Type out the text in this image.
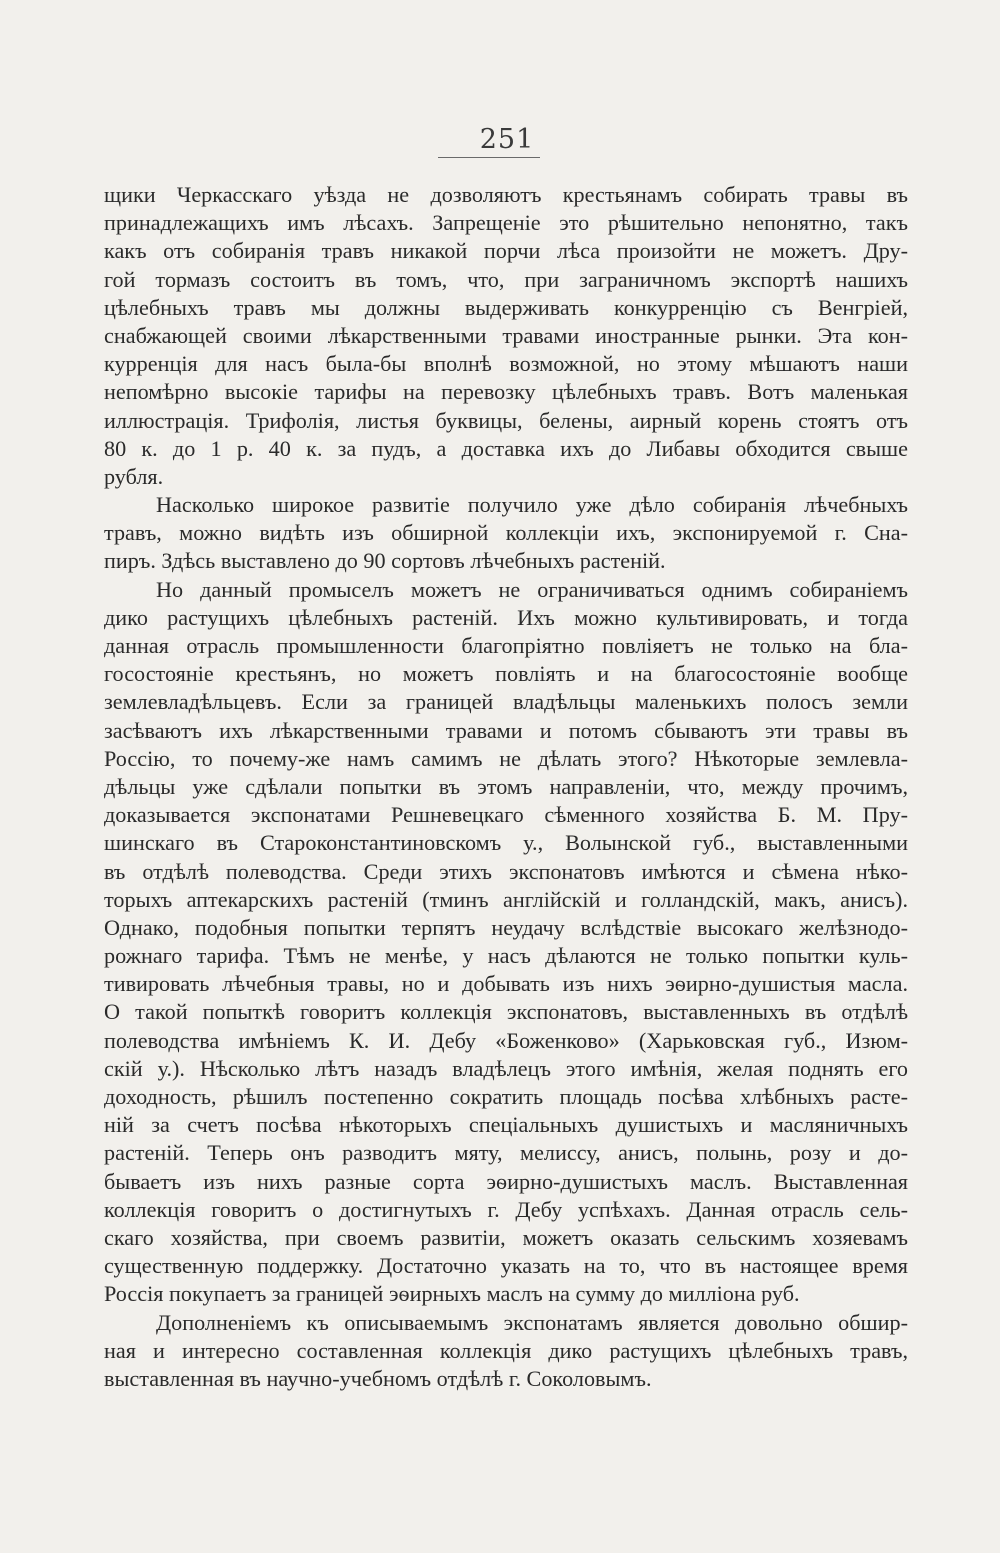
251
щики Черкасскаго уѣзда не дозволяютъ крестьянамъ собирать травы въ
принадлежащихъ имъ лѣсахъ. Запрещеніе это рѣшительно непонятно, такъ
какъ отъ собиранія травъ никакой порчи лѣса произойти не можетъ. Дру-
гой тормазъ состоитъ въ томъ, что, при заграничномъ экспортѣ нашихъ
цѣлебныхъ травъ мы должны выдерживать конкурренцію съ Венгріей,
снабжающей своими лѣкарственными травами иностранные рынки. Эта кон-
курренція для насъ была-бы вполнѣ возможной, но этому мѣшаютъ наши
непомѣрно высокіе тарифы на перевозку цѣлебныхъ травъ. Вотъ маленькая
иллюстрація. Трифолія, листья буквицы, белены, аирный корень стоятъ отъ
80 к. до 1 р. 40 к. за пудъ, а доставка ихъ до Либавы обходится свыше
рубля.
Насколько широкое развитіе получило уже дѣло собиранія лѣчебныхъ
травъ, можно видѣть изъ обширной коллекціи ихъ, экспонируемой г. Сна-
пиръ. Здѣсь выставлено до 90 сортовъ лѣчебныхъ растеній.
Но данный промыселъ можетъ не ограничиваться однимъ собираніемъ
дико растущихъ цѣлебныхъ растеній. Ихъ можно культивировать, и тогда
данная отрасль промышленности благопріятно повліяетъ не только на бла-
госостояніе крестьянъ, но можетъ повлiять и на благосостояніе вообще
землевладѣльцевъ. Если за границей владѣльцы маленькихъ полосъ земли
засѣваютъ ихъ лѣкарственными травами и потомъ сбываютъ эти травы въ
Россію, то почему-же намъ самимъ не дѣлать этого? Нѣкоторые землевла-
дѣльцы уже сдѣлали попытки въ этомъ направленіи, что, между прочимъ,
доказывается экспонатами Решневецкаго сѣменного хозяйства Б. М. Пру-
шинскаго въ Староконстантиновскомъ у., Волынской губ., выставленными
въ отдѣлѣ полеводства. Среди этихъ экспонатовъ имѣются и сѣмена нѣко-
торыхъ аптекарскихъ растеній (тминъ англійскій и голландскій, макъ, анисъ).
Однако, подобныя попытки терпятъ неудачу вслѣдствіе высокаго желѣзнодо-
рожнаго тарифа. Тѣмъ не менѣе, у насъ дѣлаются не только попытки куль-
тивировать лѣчебныя травы, но и добывать изъ нихъ эѳирно-душистыя масла.
О такой попыткѣ говоритъ коллекція экспонатовъ, выставленныхъ въ отдѣлѣ
полеводства имѣніемъ К. И. Дебу «Боженково» (Харьковская губ., Изюм-
скій у.). Нѣсколько лѣтъ назадъ владѣлецъ этого имѣнія, желая поднять его
доходность, рѣшилъ постепенно сократить площадь посѣва хлѣбныхъ расте-
ній за счетъ посѣва нѣкоторыхъ спеціальныхъ душистыхъ и масляничныхъ
растеній. Теперь онъ разводитъ мяту, мелиссу, анисъ, полынь, розу и до-
бываетъ изъ нихъ разные сорта эѳирно-душистыхъ маслъ. Выставленная
коллекція говоритъ о достигнутыхъ г. Дебу успѣхахъ. Данная отрасль сель-
скаго хозяйства, при своемъ развитіи, можетъ оказать сельскимъ хозяевамъ
существенную поддержку. Достаточно указать на то, что въ настоящее время
Россія покупаетъ за границей эѳирныхъ маслъ на сумму до милліона руб.
Дополненіемъ къ описываемымъ экспонатамъ является довольно обшир-
ная и интересно составленная коллекція дико растущихъ цѣлебныхъ травъ,
выставленная въ научно-учебномъ отдѣлѣ г. Соколовымъ.
